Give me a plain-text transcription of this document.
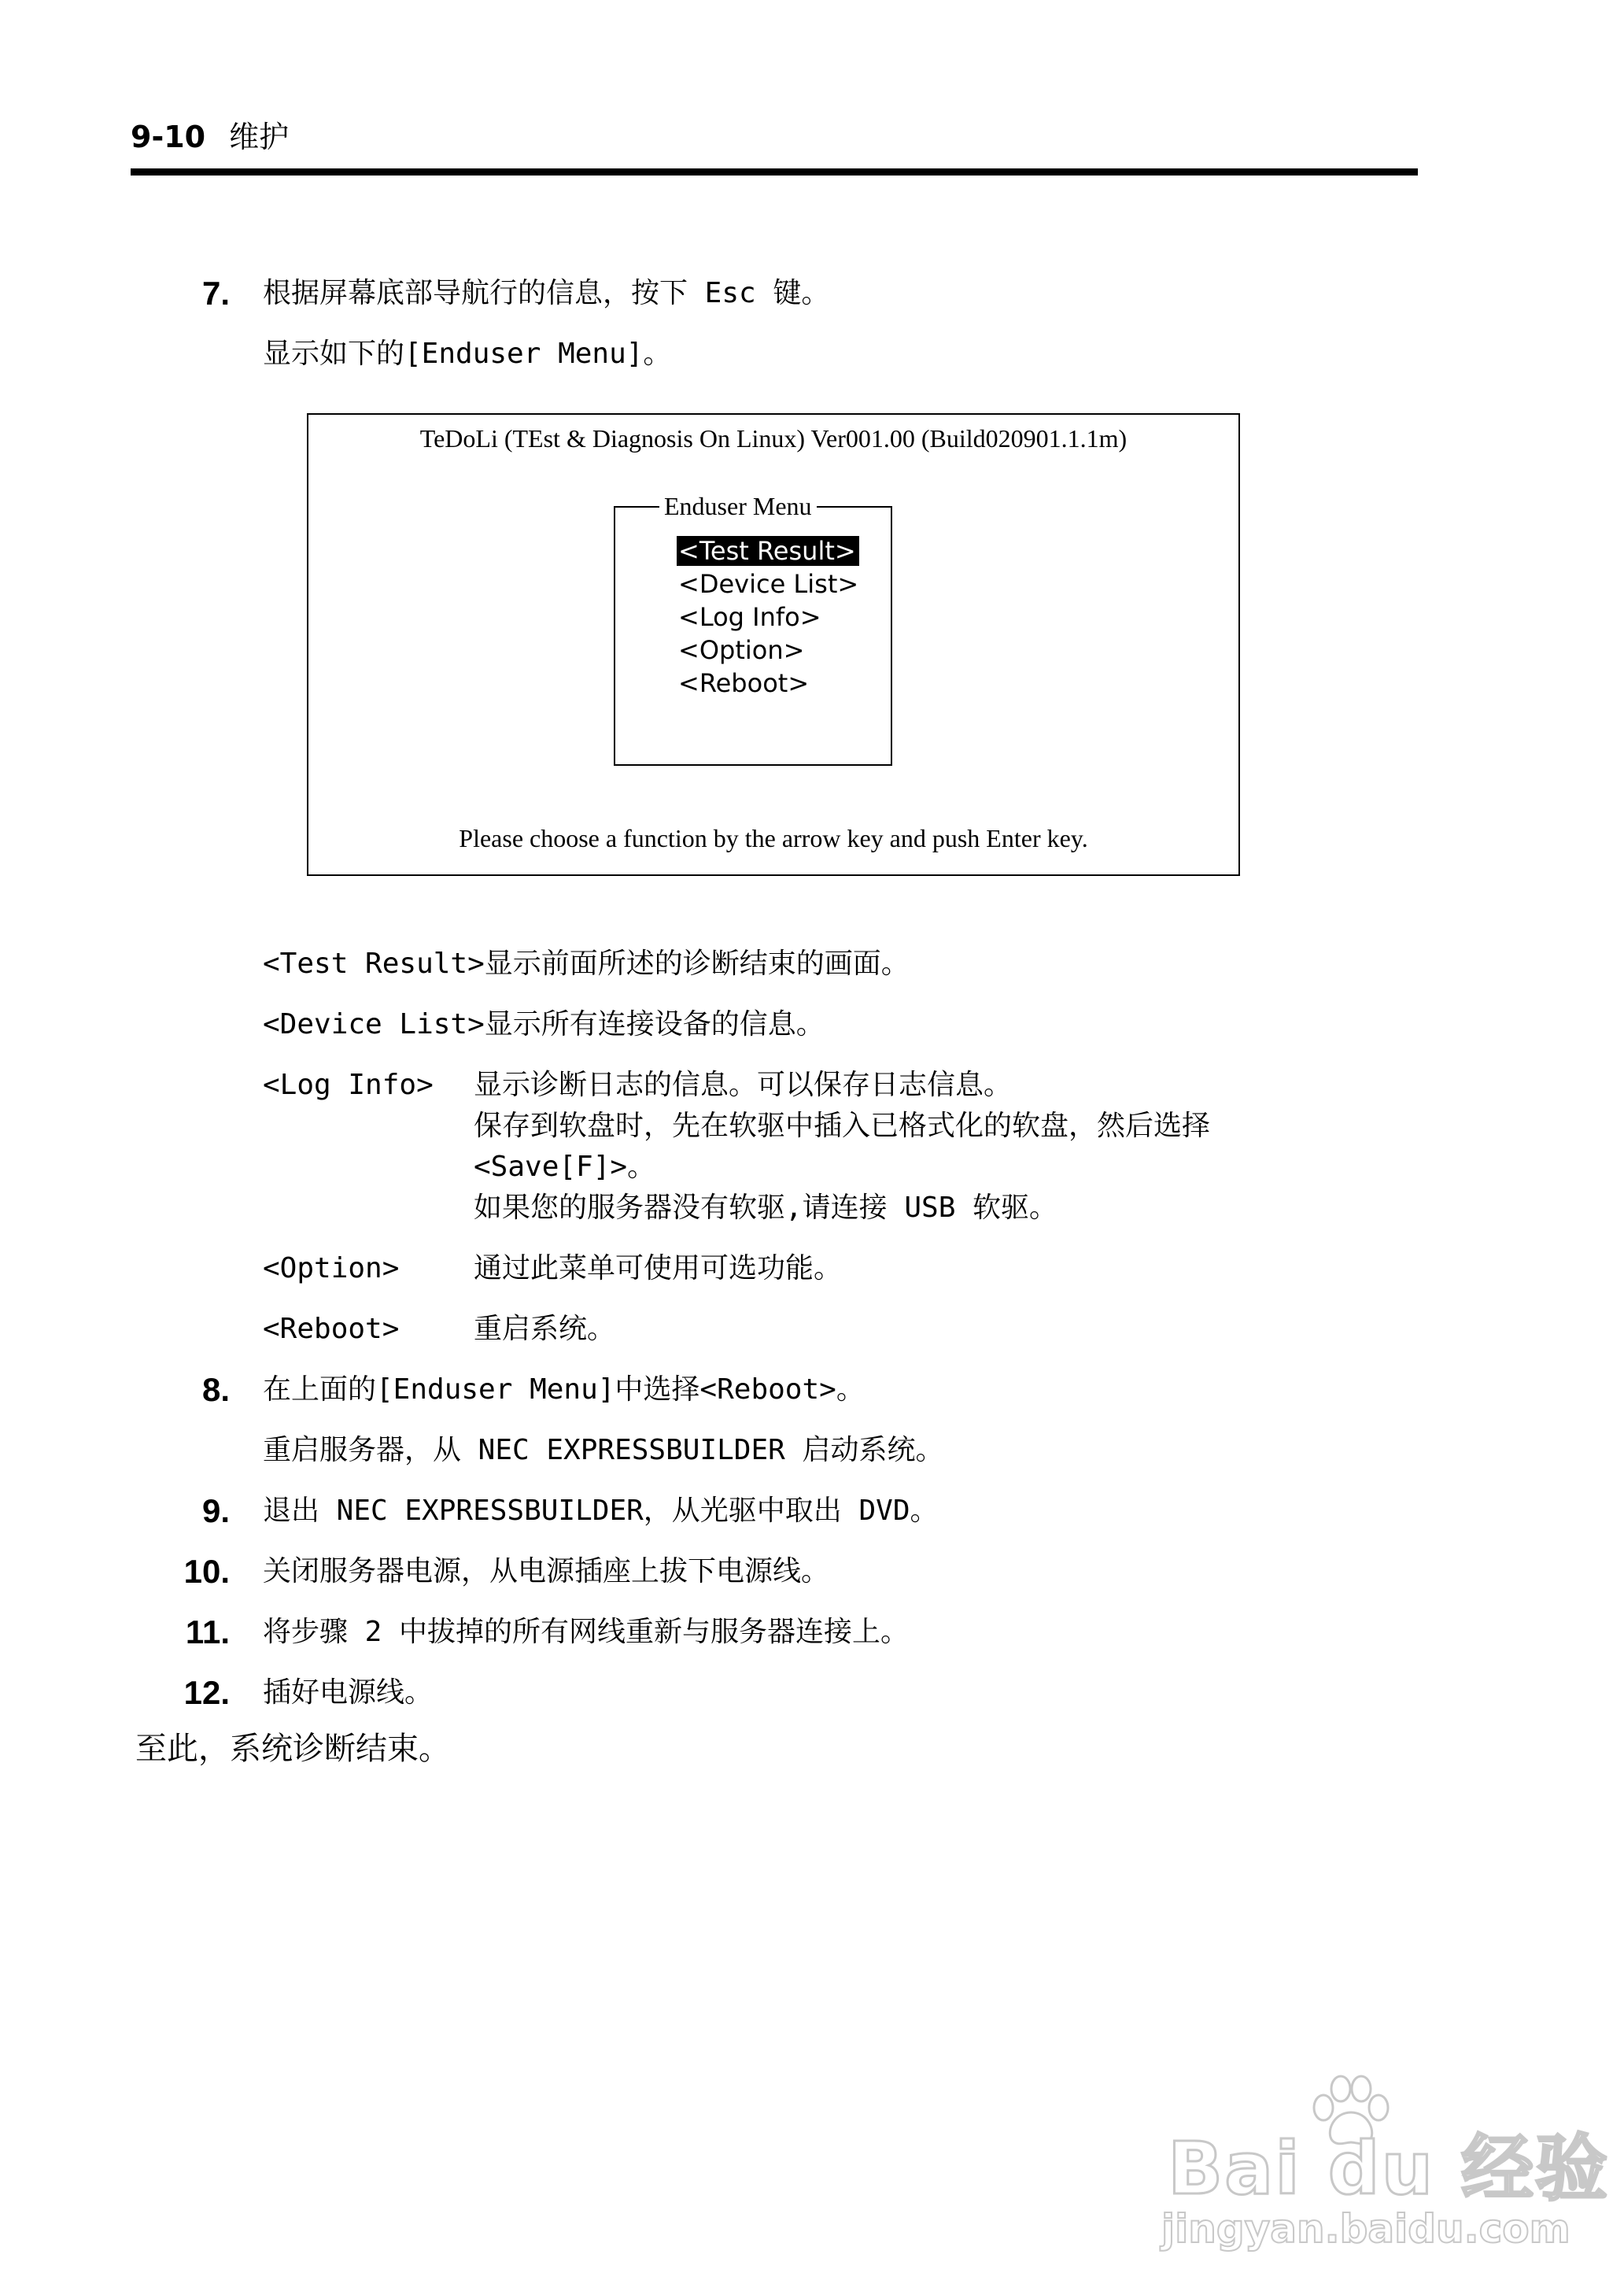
9-10 维护
7. 根据屏幕底部导航行的信息，按下 Esc 键。
显示如下的[Enduser Menu]。
TeDoLi (TEst & Diagnosis On Linux) Ver001.00 (Build020901.1.1m)
Enduser Menu
<Test Result>
<Device List>
<Log Info>
<Option>
<Reboot>
Please choose a function by the arrow key and push Enter key.
<Test Result>显示前面所述的诊断结束的画面。
<Device List>显示所有连接设备的信息。
<Log Info> 显示诊断日志的信息。可以保存日志信息。
保存到软盘时，先在软驱中插入已格式化的软盘，然后选择
<Save[F]>。
如果您的服务器没有软驱,请连接 USB 软驱。
<Option>	通过此菜单可使用可选功能。
<Reboot>	重启系统。
8. 在上面的[Enduser Menu]中选择<Reboot>。
重启服务器，从 NEC EXPRESSBUILDER 启动系统。
9. 退出 NEC EXPRESSBUILDER，从光驱中取出 DVD。
10. 关闭服务器电源，从电源插座上拔下电源线。
11. 将步骤 2 中拔掉的所有网线重新与服务器连接上。
12. 插好电源线。
至此，系统诊断结束。
Bai du 经验
jingyan.baidu.com
